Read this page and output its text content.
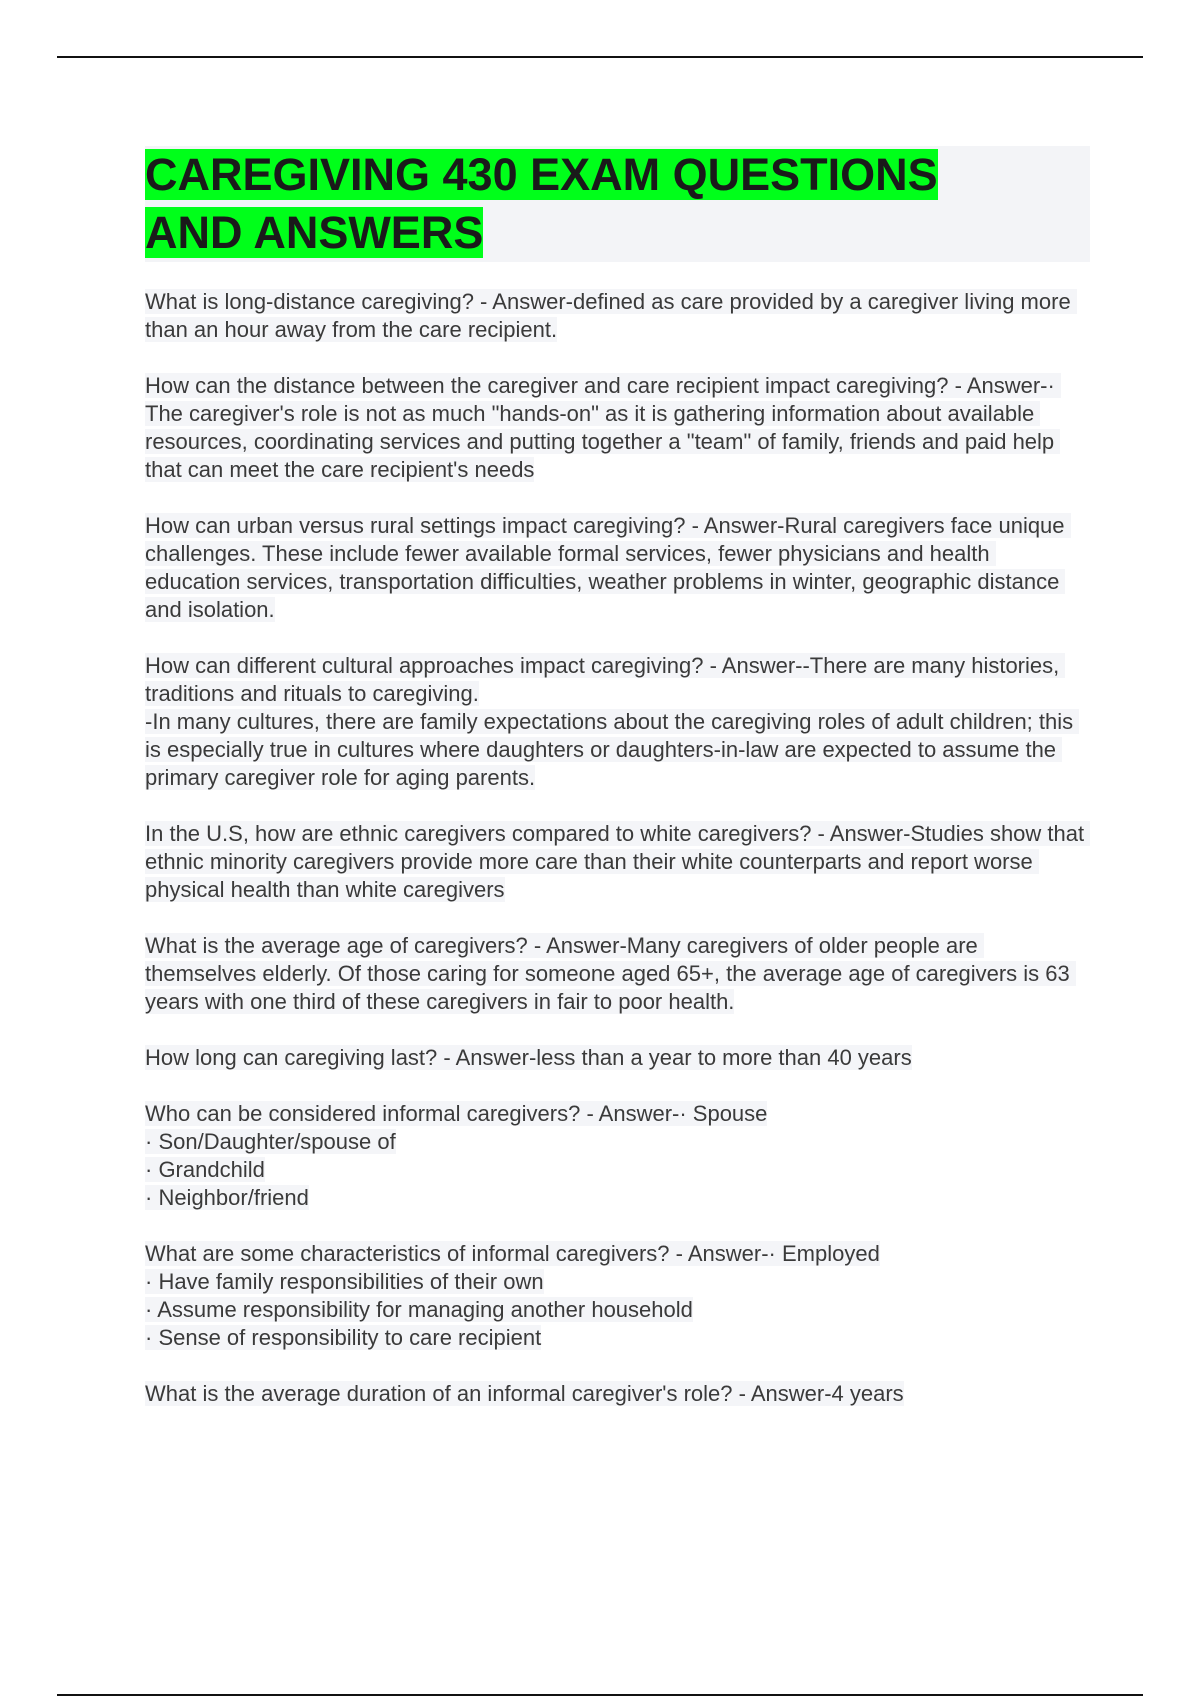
CAREGIVING 430 EXAM QUESTIONS
AND ANSWERS
What is long-distance caregiving? - Answer-defined as care provided by a caregiver living more than an hour away from the care recipient.
How can the distance between the caregiver and care recipient impact caregiving? - Answer-· The caregiver's role is not as much "hands-on" as it is gathering information about available resources, coordinating services and putting together a "team" of family, friends and paid help that can meet the care recipient's needs
How can urban versus rural settings impact caregiving? - Answer-Rural caregivers face unique challenges. These include fewer available formal services, fewer physicians and health education services, transportation difficulties, weather problems in winter, geographic distance and isolation.
How can different cultural approaches impact caregiving? - Answer--There are many histories, traditions and rituals to caregiving.
-In many cultures, there are family expectations about the caregiving roles of adult children; this is especially true in cultures where daughters or daughters-in-law are expected to assume the primary caregiver role for aging parents.
In the U.S, how are ethnic caregivers compared to white caregivers? - Answer-Studies show that ethnic minority caregivers provide more care than their white counterparts and report worse physical health than white caregivers
What is the average age of caregivers? - Answer-Many caregivers of older people are themselves elderly. Of those caring for someone aged 65+, the average age of caregivers is 63 years with one third of these caregivers in fair to poor health.
How long can caregiving last? - Answer-less than a year to more than 40 years
Who can be considered informal caregivers? - Answer-· Spouse
· Son/Daughter/spouse of
· Grandchild
· Neighbor/friend
What are some characteristics of informal caregivers? - Answer-· Employed
· Have family responsibilities of their own
· Assume responsibility for managing another household
· Sense of responsibility to care recipient
What is the average duration of an informal caregiver's role? - Answer-4 years
